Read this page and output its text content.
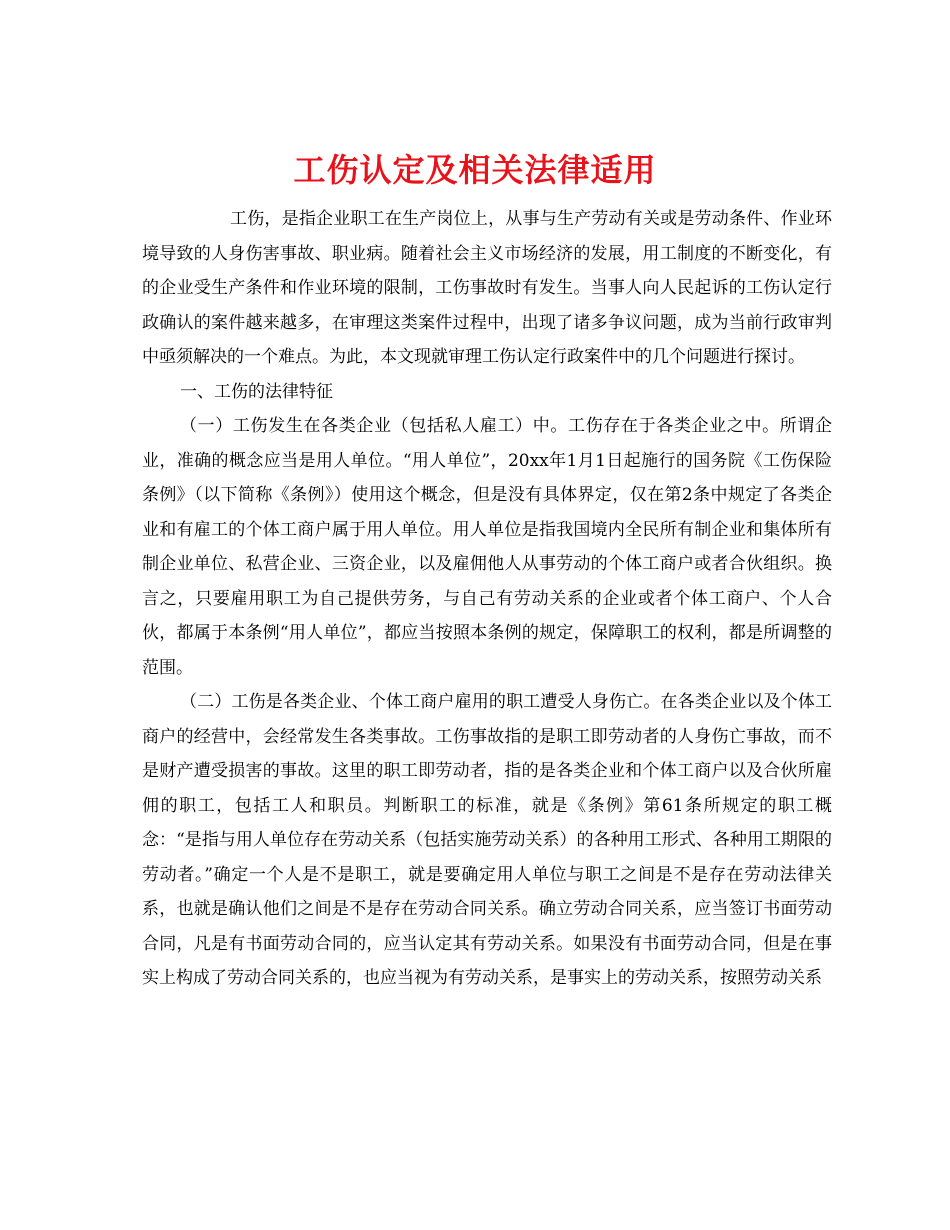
工伤认定及相关法律适用

工伤，是指企业职工在生产岗位上，从事与生产劳动有关或是劳动条件、作业环境导致的人身伤害事故、职业病。随着社会主义市场经济的发展，用工制度的不断变化，有的企业受生产条件和作业环境的限制，工伤事故时有发生。当事人向人民起诉的工伤认定行政确认的案件越来越多，在审理这类案件过程中，出现了诸多争议问题，成为当前行政审判中亟须解决的一个难点。为此，本文现就审理工伤认定行政案件中的几个问题进行探讨。

一、工伤的法律特征

（一）工伤发生在各类企业（包括私人雇工）中。工伤存在于各类企业之中。所谓企业，准确的概念应当是用人单位。“用人单位”，20xx年1月1日起施行的国务院《工伤保险条例》（以下简称《条例》）使用这个概念，但是没有具体界定，仅在第2条中规定了各类企业和有雇工的个体工商户属于用人单位。用人单位是指我国境内全民所有制企业和集体所有制企业单位、私营企业、三资企业，以及雇佣他人从事劳动的个体工商户或者合伙组织。换言之，只要雇用职工为自己提供劳务，与自己有劳动关系的企业或者个体工商户、个人合伙，都属于本条例“用人单位”，都应当按照本条例的规定，保障职工的权利，都是所调整的范围。

（二）工伤是各类企业、个体工商户雇用的职工遭受人身伤亡。在各类企业以及个体工商户的经营中，会经常发生各类事故。工伤事故指的是职工即劳动者的人身伤亡事故，而不是财产遭受损害的事故。这里的职工即劳动者，指的是各类企业和个体工商户以及合伙所雇佣的职工，包括工人和职员。判断职工的标准，就是《条例》第61条所规定的职工概念：“是指与用人单位存在劳动关系（包括实施劳动关系）的各种用工形式、各种用工期限的劳动者。”确定一个人是不是职工，就是要确定用人单位与职工之间是不是存在劳动法律关系，也就是确认他们之间是不是存在劳动合同关系。确立劳动合同关系，应当签订书面劳动合同，凡是有书面劳动合同的，应当认定其有劳动关系。如果没有书面劳动合同，但是在事实上构成了劳动合同关系的，也应当视为有劳动关系，是事实上的劳动关系，按照劳动关系
